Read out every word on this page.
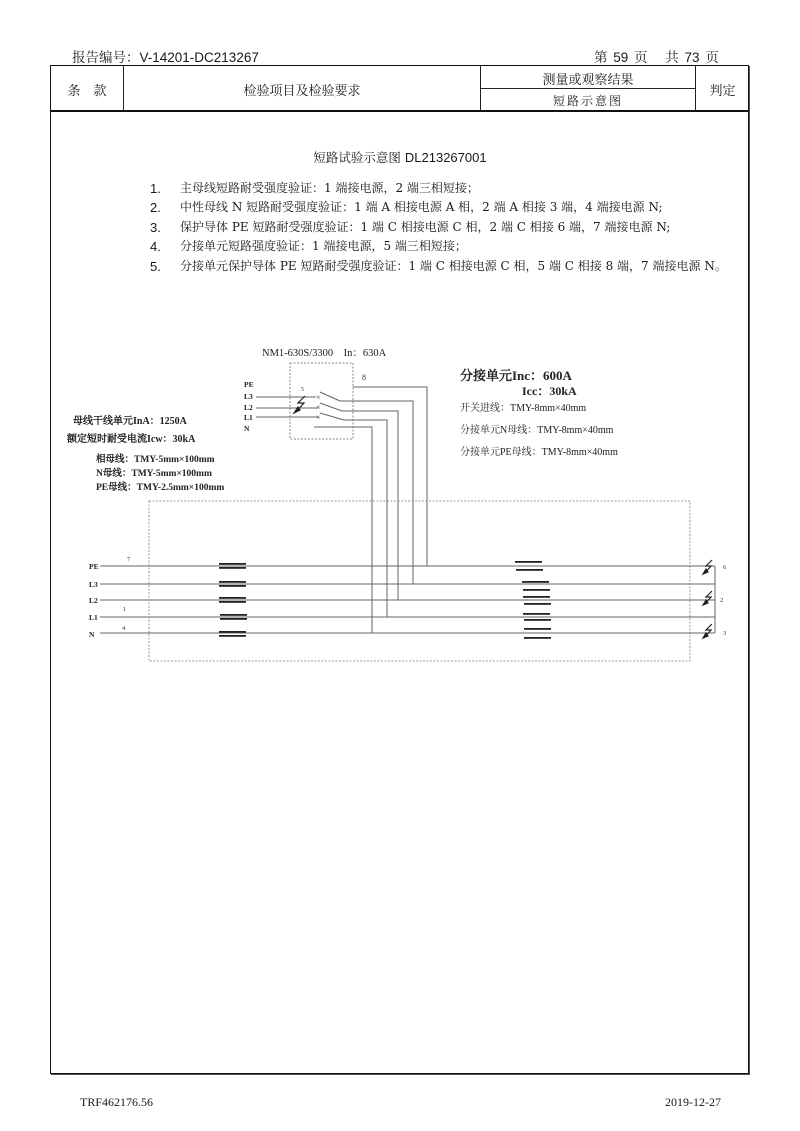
报告编号：V-14201-DC213267	第 59 页 共 73 页
条　款	检验项目及检验要求
测量或观察结果
短路示意图
判定
短路试验示意图 DL213267001
1.	主母线短路耐受强度验证：1 端接电源，2 端三相短接；
2.	中性母线 N 短路耐受强度验证：1 端 A 相接电源 A 相，2 端 A 相接 3 端，4 端接电源 N;
3.	保护导体 PE 短路耐受强度验证：1 端 C 相接电源 C 相，2 端 C 相接 6 端，7 端接电源 N;
4.	分接单元短路强度验证：1 端接电源，5 端三相短接；
5.	分接单元保护导体 PE 短路耐受强度验证：1 端 C 相接电源 C 相，5 端 C 相接 8 端，7 端接电源 N。
×
×
×
NM1-630S/3300　In：630A
8
5
PE
L3
L2
L1
N
PE
L3
L2
L1
N
7
1
4
6
2
3
母线干线单元InA：1250A
额定短时耐受电流Icw：30kA
相母线：TMY-5mm×100mm
N母线：TMY-5mm×100mm
PE母线：TMY-2.5mm×100mm
分接单元Inc：600A
Icc：30kA
开关进线：TMY-8mm×40mm
分接单元N母线：TMY-8mm×40mm
分接单元PE母线：TMY-8mm×40mm
TRF462176.56	2019-12-27
